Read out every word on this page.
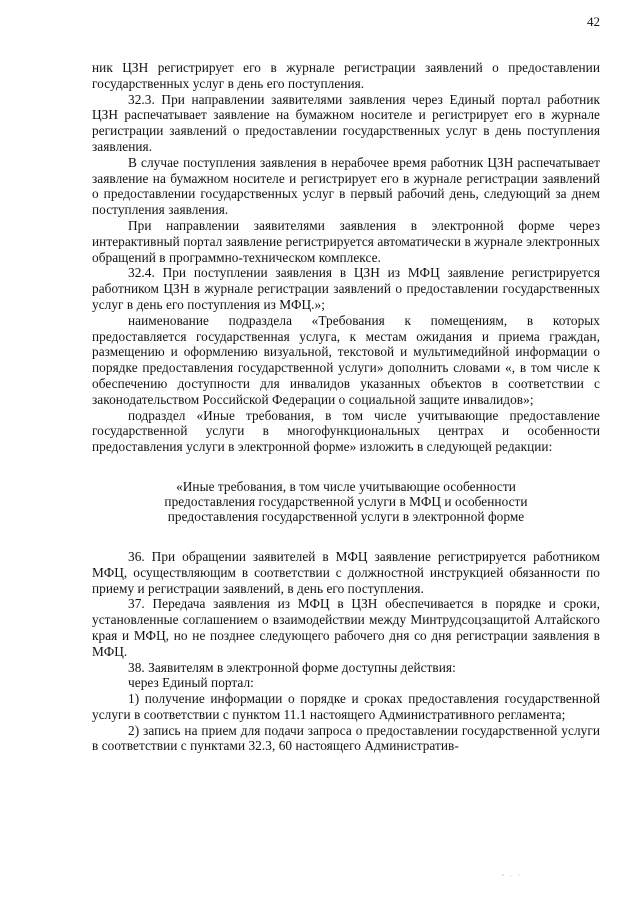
42

ник ЦЗН регистрирует его в журнале регистрации заявлений о предоставлении государственных услуг в день его поступления.

32.3. При направлении заявителями заявления через Единый портал работник ЦЗН распечатывает заявление на бумажном носителе и регистрирует его в журнале регистрации заявлений о предоставлении государственных услуг в день поступления заявления.

В случае поступления заявления в нерабочее время работник ЦЗН распечатывает заявление на бумажном носителе и регистрирует его в журнале регистрации заявлений о предоставлении государственных услуг в первый рабочий день, следующий за днем поступления заявления.

При направлении заявителями заявления в электронной форме через интерактивный портал заявление регистрируется автоматически в журнале электронных обращений в программно-техническом комплексе.

32.4. При поступлении заявления в ЦЗН из МФЦ заявление регистрируется работником ЦЗН в журнале регистрации заявлений о предоставлении государственных услуг в день его поступления из МФЦ.»;

наименование подраздела «Требования к помещениям, в которых предоставляется государственная услуга, к местам ожидания и приема граждан, размещению и оформлению визуальной, текстовой и мультимедийной информации о порядке предоставления государственной услуги» дополнить словами «, в том числе к обеспечению доступности для инвалидов указанных объектов в соответствии с законодательством Российской Федерации о социальной защите инвалидов»;

подраздел «Иные требования, в том числе учитывающие предоставление государственной услуги в многофункциональных центрах и особенности предоставления услуги в электронной форме» изложить в следующей редакции:

«Иные требования, в том числе учитывающие особенности
предоставления государственной услуги в МФЦ и особенности
предоставления государственной услуги в электронной форме

36. При обращении заявителей в МФЦ заявление регистрируется работником МФЦ, осуществляющим в соответствии с должностной инструкцией обязанности по приему и регистрации заявлений, в день его поступления.

37. Передача заявления из МФЦ в ЦЗН обеспечивается в порядке и сроки, установленные соглашением о взаимодействии между Минтрудсоцзащитой Алтайского края и МФЦ, но не позднее следующего рабочего дня со дня регистрации заявления в МФЦ.

38. Заявителям в электронной форме доступны действия:

через Единый портал:

1) получение информации о порядке и сроках предоставления государственной услуги в соответствии с пунктом 11.1 настоящего Административного регламента;

2) запись на прием для подачи запроса о предоставлении государственной услуги в соответствии с пунктами 32.3, 60 настоящего Административ-
